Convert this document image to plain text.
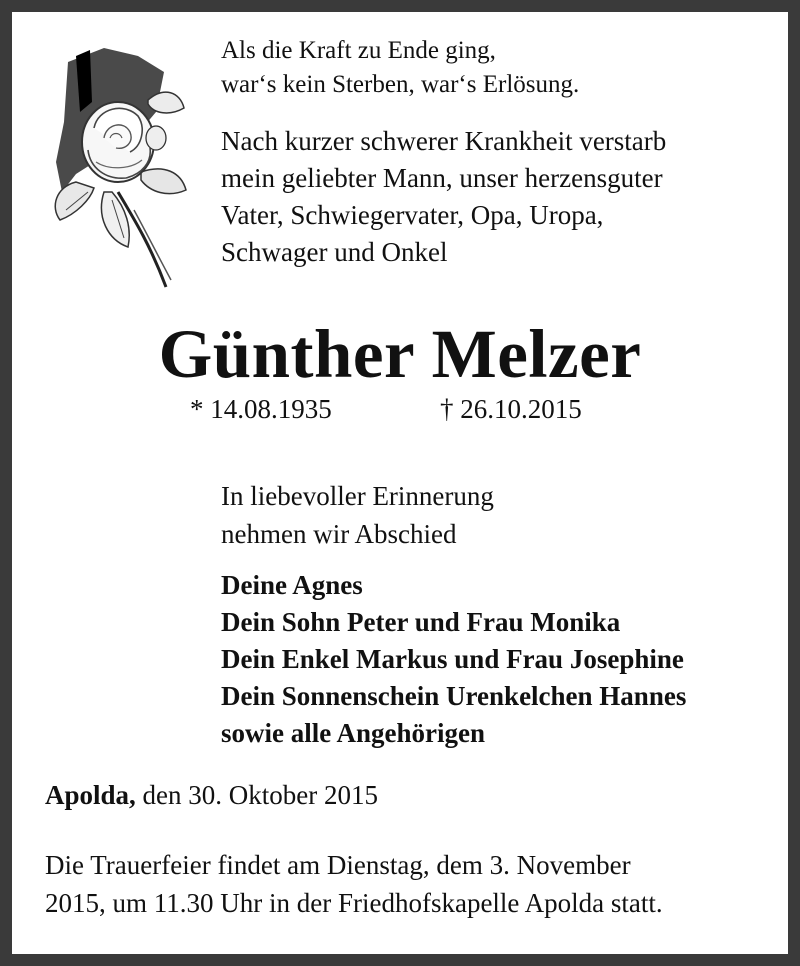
Als die Kraft zu Ende ging,
war‘s kein Sterben, war‘s Erlösung.
Nach kurzer schwerer Krankheit verstarb
mein geliebter Mann, unser herzensguter
Vater, Schwiegervater, Opa, Uropa,
Schwager und Onkel
Günther Melzer
* 14.08.1935	† 26.10.2015
In liebevoller Erinnerung
nehmen wir Abschied
Deine Agnes
Dein Sohn Peter und Frau Monika
Dein Enkel Markus und Frau Josephine
Dein Sonnenschein Urenkelchen Hannes
sowie alle Angehörigen
Apolda, den 30. Oktober 2015
Die Trauerfeier findet am Dienstag, dem 3. November
2015, um 11.30 Uhr in der Friedhofskapelle Apolda statt.
